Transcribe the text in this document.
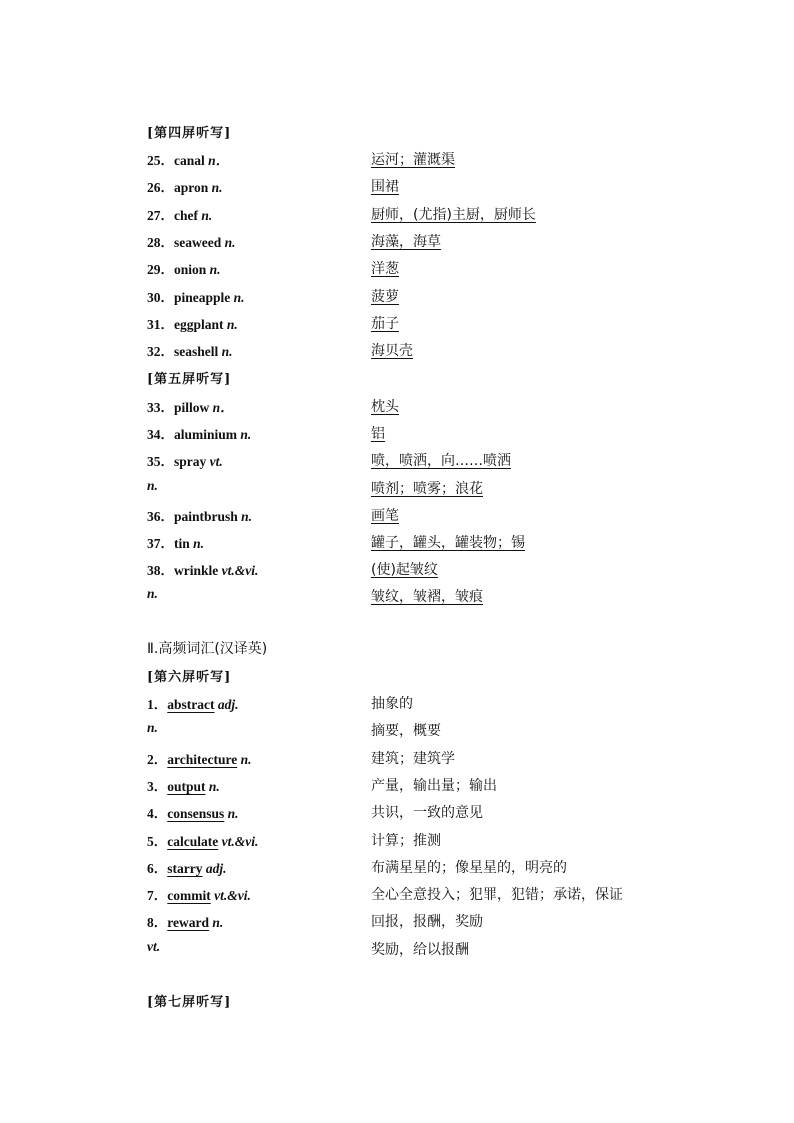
[第四屏听写]
25．canal n．	运河；灌溉渠
26．apron n.	围裙
27．chef n.	厨师，(尤指)主厨，厨师长
28．seaweed n.	海藻，海草
29．onion n.	洋葱
30．pineapple n.	菠萝
31．eggplant n.	茄子
32．seashell n.	海贝壳
[第五屏听写]
33．pillow n．	枕头
34．aluminium n.	铝
35．spray vt.	喷，喷洒，向……喷洒
n.	喷剂；喷雾；浪花
36．paintbrush n.	画笔
37．tin n.	罐子，罐头，罐装物；锡
38．wrinkle vt.&vi.	(使)起皱纹
n.	皱纹，皱褶，皱痕
Ⅱ.高频词汇(汉译英)
[第六屏听写]
1．abstract adj.	抽象的
n.	摘要，概要
2．architecture n.	建筑；建筑学
3．output n.	产量，输出量；输出
4．consensus n.	共识，一致的意见
5．calculate vt.&vi.	计算；推测
6．starry adj.	布满星星的；像星星的，明亮的
7．commit vt.&vi.	全心全意投入；犯罪，犯错；承诺，保证
8．reward n.	回报，报酬，奖励
vt.	奖励，给以报酬
[第七屏听写]
